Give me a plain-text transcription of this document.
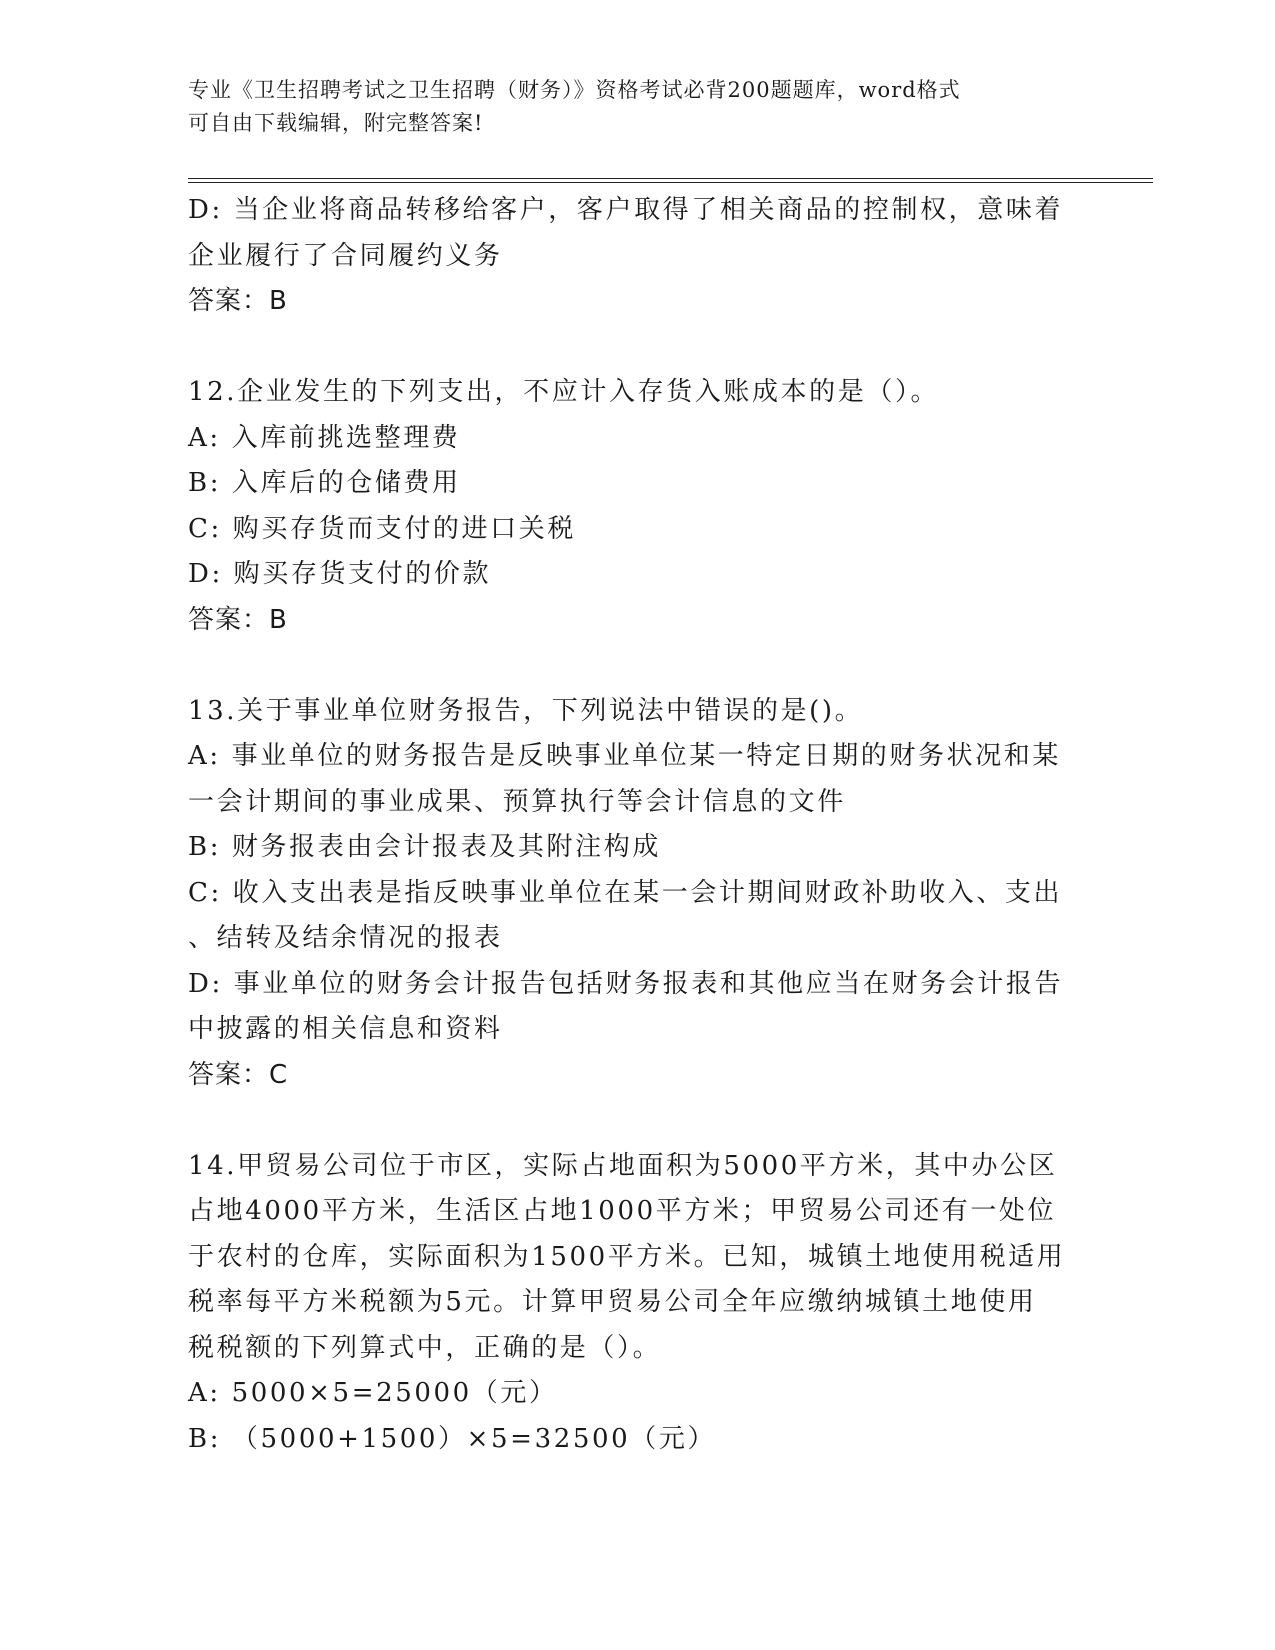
专业《卫生招聘考试之卫生招聘（财务）》资格考试必背200题题库，word格式
可自由下载编辑，附完整答案!
D: 当企业将商品转移给客户，客户取得了相关商品的控制权，意味着
企业履行了合同履约义务
答案：B
12.企业发生的下列支出，不应计入存货入账成本的是（）。
A: 入库前挑选整理费
B: 入库后的仓储费用
C: 购买存货而支付的进口关税
D: 购买存货支付的价款
答案：B
13.关于事业单位财务报告，下列说法中错误的是()。
A: 事业单位的财务报告是反映事业单位某一特定日期的财务状况和某
一会计期间的事业成果、预算执行等会计信息的文件
B: 财务报表由会计报表及其附注构成
C: 收入支出表是指反映事业单位在某一会计期间财政补助收入、支出
、结转及结余情况的报表
D: 事业单位的财务会计报告包括财务报表和其他应当在财务会计报告
中披露的相关信息和资料
答案：C
14.甲贸易公司位于市区，实际占地面积为5000平方米，其中办公区
占地4000平方米，生活区占地1000平方米；甲贸易公司还有一处位
于农村的仓库，实际面积为1500平方米。已知，城镇土地使用税适用
税率每平方米税额为5元。计算甲贸易公司全年应缴纳城镇土地使用
税税额的下列算式中，正确的是（）。
A: 5000×5=25000（元）
B: （5000+1500）×5=32500（元）
